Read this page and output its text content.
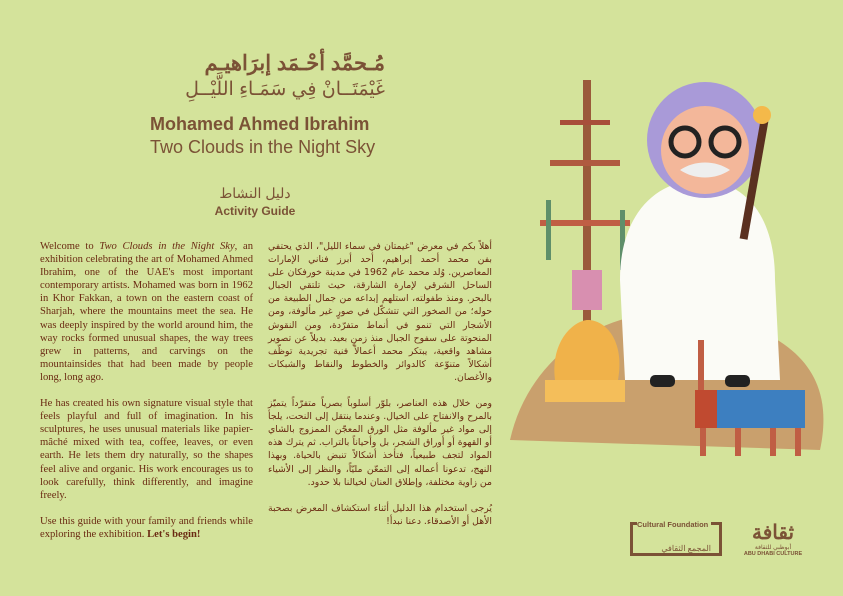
مُـحمَّد أحْـمَد إبرَاهيـم
غَيْمَتَــانْ فِي سَمَـاءِ اللَّيْــلِ
Mohamed Ahmed Ibrahim
Two Clouds in the Night Sky
دليل النشاط
Activity Guide

Welcome to Two Clouds in the Night Sky, an exhibition celebrating the art of Mohamed Ahmed Ibrahim, one of the UAE's most important contemporary artists. Mohamed was born in 1962 in Khor Fakkan, a town on the eastern coast of Sharjah, where the mountains meet the sea. He was deeply inspired by the world around him, the way rocks formed unusual shapes, the way trees grew in patterns, and carvings on the mountainsides that had been made by people long, long ago.

He has created his own signature visual style that feels playful and full of imagination. In his sculptures, he uses unusual materials like papier-mâché mixed with tea, coffee, leaves, or even earth. He lets them dry naturally, so the shapes feel alive and organic. His work encourages us to look carefully, think differently, and imagine freely.

Use this guide with your family and friends while exploring the exhibition. Let's begin!

أهلاً بكم في معرض "غيمتان في سماء الليل"، الذي يحتفي بفن محمد أحمد إبراهيم، أحد أبرز فناني الإمارات المعاصرين. وُلد محمد عام 1962 في مدينة خورفكان على الساحل الشرقي لإمارة الشارقة، حيث تلتقي الجبال بالبحر. ومنذ طفولته، استلهم إبداعه من جمال الطبيعة من حوله؛ من الصخور التي تتشكّل في صورٍ غير مألوفة، ومن الأشجار التي تنمو في أنماط متفرّدة، ومن النقوش المنحوتة على سفوح الجبال منذ زمنٍ بعيد. بديلاً عن تصوير مشاهد واقعية، يبتكر محمد أعمالاً فنية تجريدية توظّف أشكالاً متنوّعة كالدوائر والخطوط والنقاط والشبكات والأغصان.

ومن خلال هذه العناصر، بلوّر أسلوباً بصرياً متفرّداً يتميّز بالمرح والانفتاح على الخيال. وعندما ينتقل إلى النحت، يلجأ إلى مواد غير مألوفة مثل الورق المعجّن الممزوج بالشاي أو القهوة أو أوراق الشجر، بل وأحياناً بالتراب. ثم يترك هذه المواد لتجف طبيعياً، فتأخذ أشكالاً تنبض بالحياة. وبهذا النهج، تدعونا أعماله إلى التمعّن مليّاً، والنظر إلى الأشياء من زاوية مختلفة، وإطلاق العنان لخيالنا بلا حدود.

يُرجى استخدام هذا الدليل أثناء استكشاف المعرض بصحبة الأهل أو الأصدقاء. دعنا نبدأ!	Cultural Foundation
المجمع الثقافي
ثقافة
أبوظبي للثقافة
ABU DHABI CULTURE
